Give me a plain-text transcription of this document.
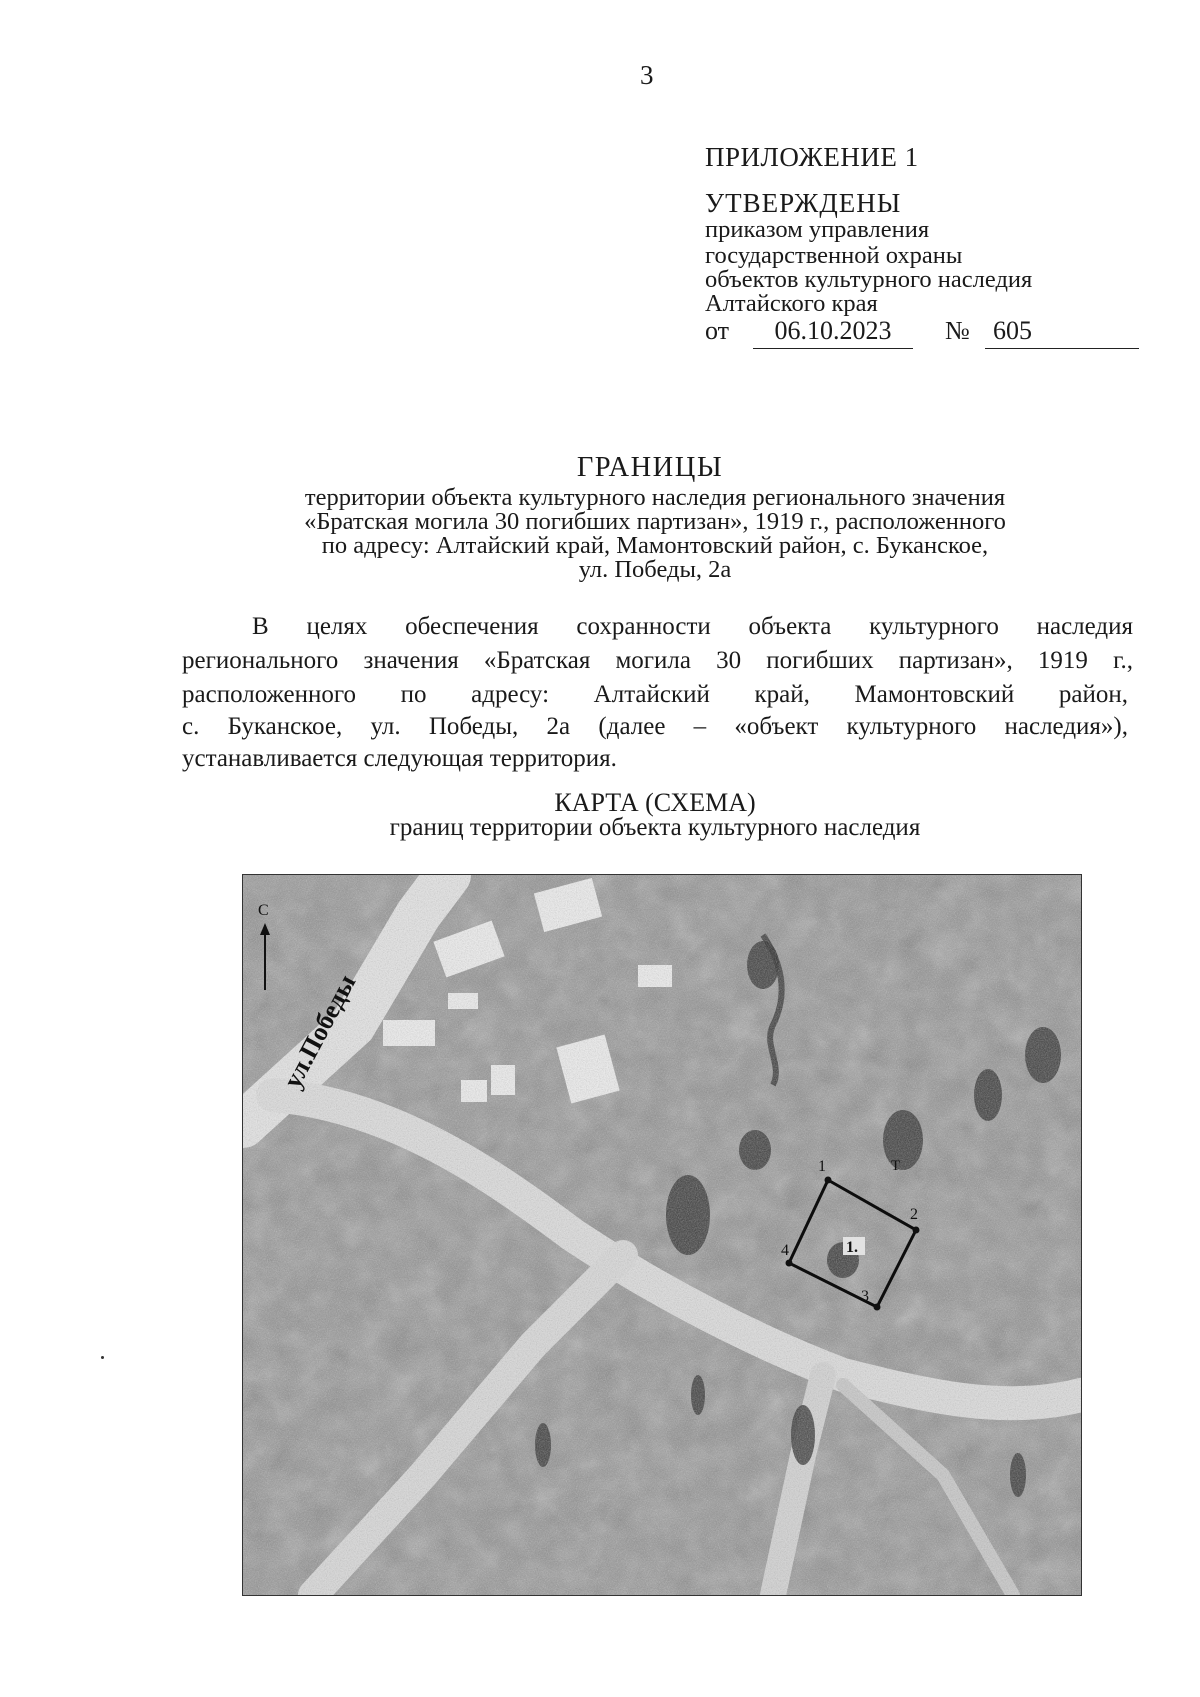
3
ПРИЛОЖЕНИЕ 1
УТВЕРЖДЕНЫ
приказом управления
государственной охраны
объектов культурного наследия
Алтайского края
от	06.10.2023	№ 605
ГРАНИЦЫ
территории объекта культурного наследия регионального значения
«Братская могила 30 погибших партизан», 1919 г., расположенного
по адресу: Алтайский край, Мамонтовский район, с. Буканское,
ул. Победы, 2а
В целях обеспечения сохранности объекта культурного наследия
регионального значения «Братская могила 30 погибших партизан», 1919 г.,
расположенного по адресу: Алтайский край, Мамонтовский район,
с. Буканское, ул. Победы, 2а (далее – «объект культурного наследия»),
устанавливается следующая территория.
КАРТА (СХЕМА)
границ территории объекта культурного наследия
С
ул.Победы
1
2
3
4
Т
1.
